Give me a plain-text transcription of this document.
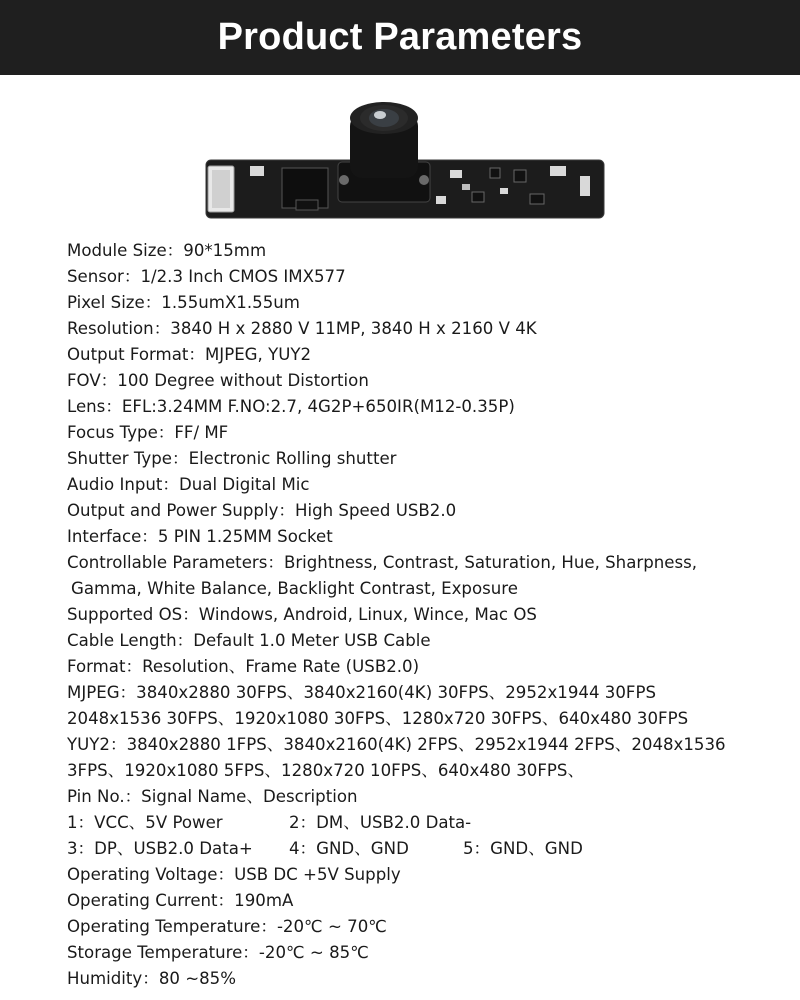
Product Parameters
Module Size：90*15mm
Sensor：1/2.3 Inch CMOS IMX577
Pixel Size：1.55umX1.55um
Resolution：3840 H x 2880 V 11MP, 3840 H x 2160 V 4K
Output Format：MJPEG, YUY2
FOV：100 Degree without Distortion
Lens：EFL:3.24MM F.NO:2.7, 4G2P+650IR(M12-0.35P)
Focus Type：FF/ MF
Shutter Type：Electronic Rolling shutter
Audio Input：Dual Digital Mic
Output and Power Supply：High Speed USB2.0
Interface：5 PIN 1.25MM Socket
Controllable Parameters：Brightness, Contrast, Saturation, Hue, Sharpness,
Gamma, White Balance, Backlight Contrast, Exposure
Supported OS：Windows, Android, Linux, Wince, Mac OS
Cable Length：Default 1.0 Meter USB Cable
Format：Resolution、Frame Rate (USB2.0)
MJPEG：3840x2880 30FPS、3840x2160(4K) 30FPS、2952x1944 30FPS
2048x1536 30FPS、1920x1080 30FPS、1280x720 30FPS、640x480 30FPS
YUY2：3840x2880 1FPS、3840x2160(4K) 2FPS、2952x1944 2FPS、2048x1536
3FPS、1920x1080 5FPS、1280x720 10FPS、640x480 30FPS、
Pin No.：Signal Name、Description
1：VCC、5V Power	2：DM、USB2.0 Data-
3：DP、USB2.0 Data+ 4：GND、GND	5：GND、GND
Operating Voltage：USB DC +5V Supply
Operating Current：190mA
Operating Temperature：-20℃ ~ 70℃
Storage Temperature：-20℃ ~ 85℃
Humidity：80 ~85%
